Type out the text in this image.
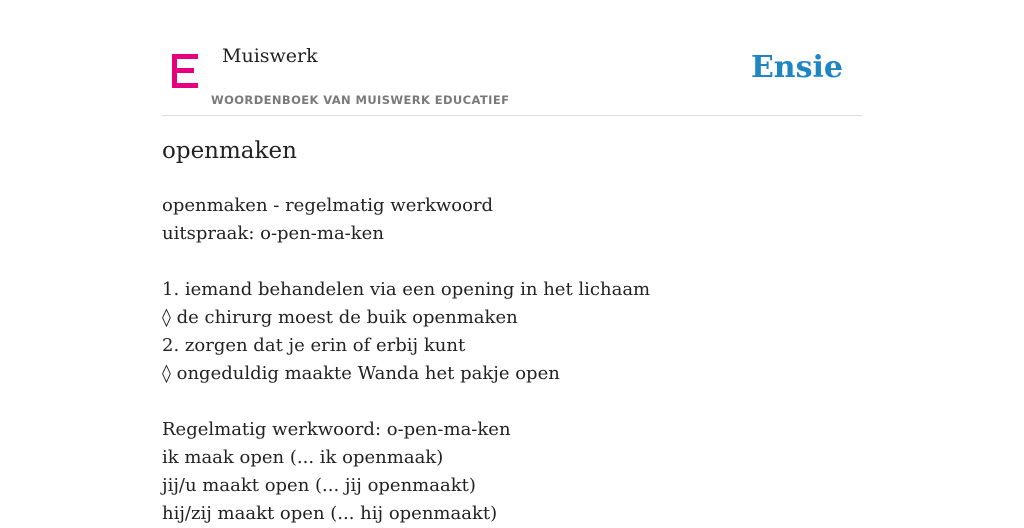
Muiswerk
WOORDENBOEK VAN MUISWERK EDUCATIEF
Ensie
openmaken
openmaken - regelmatig werkwoord
uitspraak: o-pen-ma-ken
1. iemand behandelen via een opening in het lichaam
◊ de chirurg moest de buik openmaken
2. zorgen dat je erin of erbij kunt
◊ ongeduldig maakte Wanda het pakje open
Regelmatig werkwoord: o-pen-ma-ken
ik maak open (... ik openmaak)
jij/u maakt open (... jij openmaakt)
hij/zij maakt open (... hij openmaakt)
